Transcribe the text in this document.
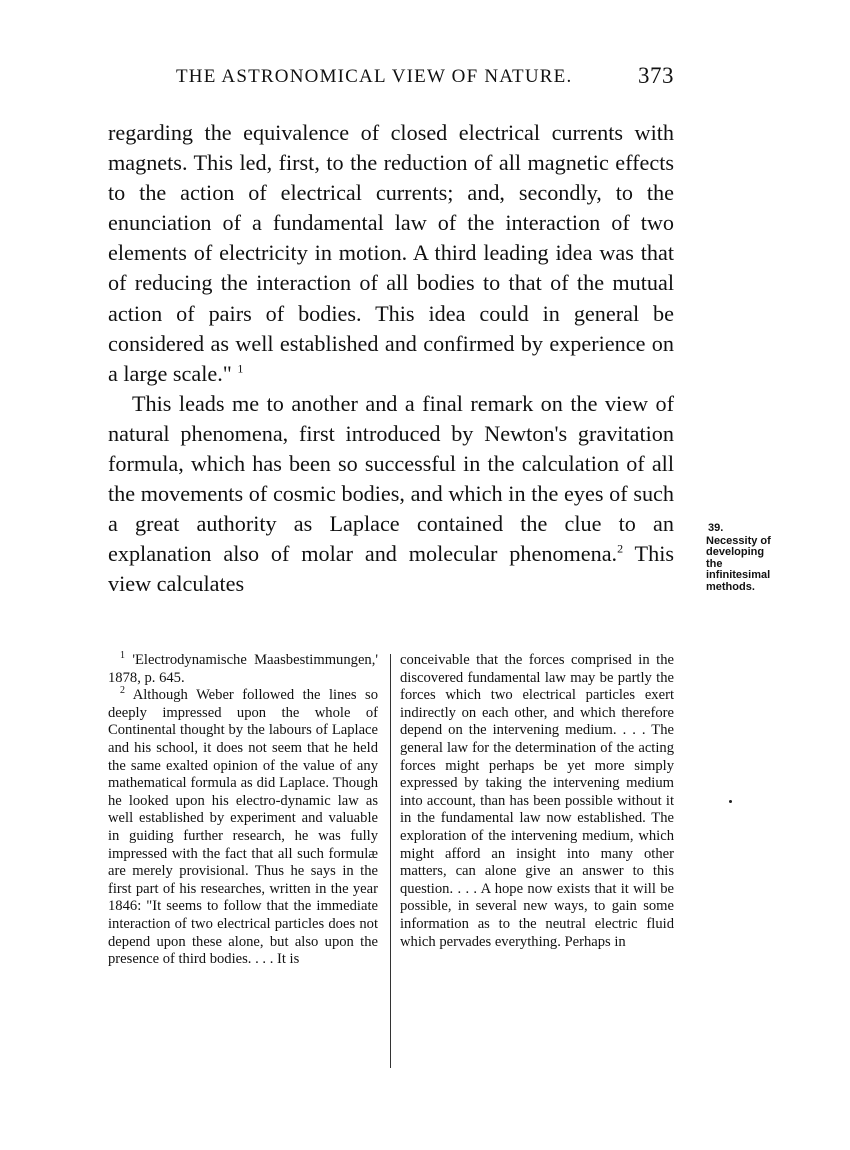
THE ASTRONOMICAL VIEW OF NATURE.	373

regarding the equivalence of closed electrical currents with magnets. This led, first, to the reduction of all magnetic effects to the action of electrical currents; and, secondly, to the enunciation of a fundamental law of the interaction of two elements of electricity in motion. A third leading idea was that of reducing the interaction of all bodies to that of the mutual action of pairs of bodies. This idea could in general be considered as well established and confirmed by experience on a large scale." $^1$

This leads me to another and a final remark on the view of natural phenomena, first introduced by Newton's gravitation formula, which has been so successful in the calculation of all the movements of cosmic bodies, and which in the eyes of such a great authority as Laplace contained the clue to an explanation also of molar and molecular phenomena.$^2$ This view calculates

39.
Necessity of developing the infinitesimal methods.

$^1$ 'Electrodynamische Maasbestimmungen,' 1878, p. 645.

$^2$ Although Weber followed the lines so deeply impressed upon the whole of Continental thought by the labours of Laplace and his school, it does not seem that he held the same exalted opinion of the value of any mathematical formula as did Laplace. Though he looked upon his electro-dynamic law as well established by experiment and valuable in guiding further research, he was fully impressed with the fact that all such formulæ are merely provisional. Thus he says in the first part of his researches, written in the year 1846: "It seems to follow that the immediate interaction of two electrical particles does not depend upon these alone, but also upon the presence of third bodies. . . . It is

conceivable that the forces comprised in the discovered fundamental law may be partly the forces which two electrical particles exert indirectly on each other, and which therefore depend on the intervening medium. . . . The general law for the determination of the acting forces might perhaps be yet more simply expressed by taking the intervening medium into account, than has been possible without it in the fundamental law now established. The exploration of the intervening medium, which might afford an insight into many other matters, can alone give an answer to this question. . . . A hope now exists that it will be possible, in several new ways, to gain some information as to the neutral electric fluid which pervades everything. Perhaps in
